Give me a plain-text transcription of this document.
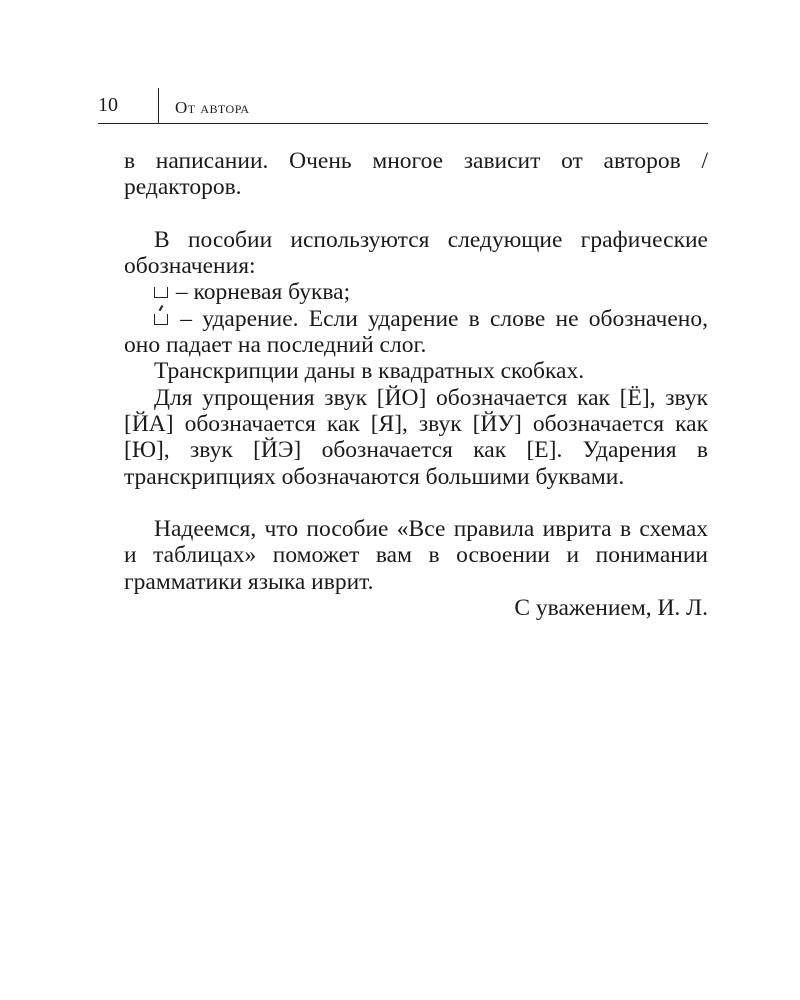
10	От автора

в написании. Очень многое зависит от авторов / редакторов.

В пособии используются следующие графические обозначения:

– корневая буква;

– ударение. Если ударение в слове не обозначено, оно падает на последний слог.

Транскрипции даны в квадратных скобках.

Для упрощения звук [ЙО] обозначается как [Ё], звук [ЙА] обозначается как [Я], звук [ЙУ] обозначается как [Ю], звук [ЙЭ] обозначается как [Е]. Ударения в транскрипциях обозначаются большими буквами.

Надеемся, что пособие «Все правила иврита в схемах и таблицах» поможет вам в освоении и понимании грамматики языка иврит.

С уважением, И. Л.
